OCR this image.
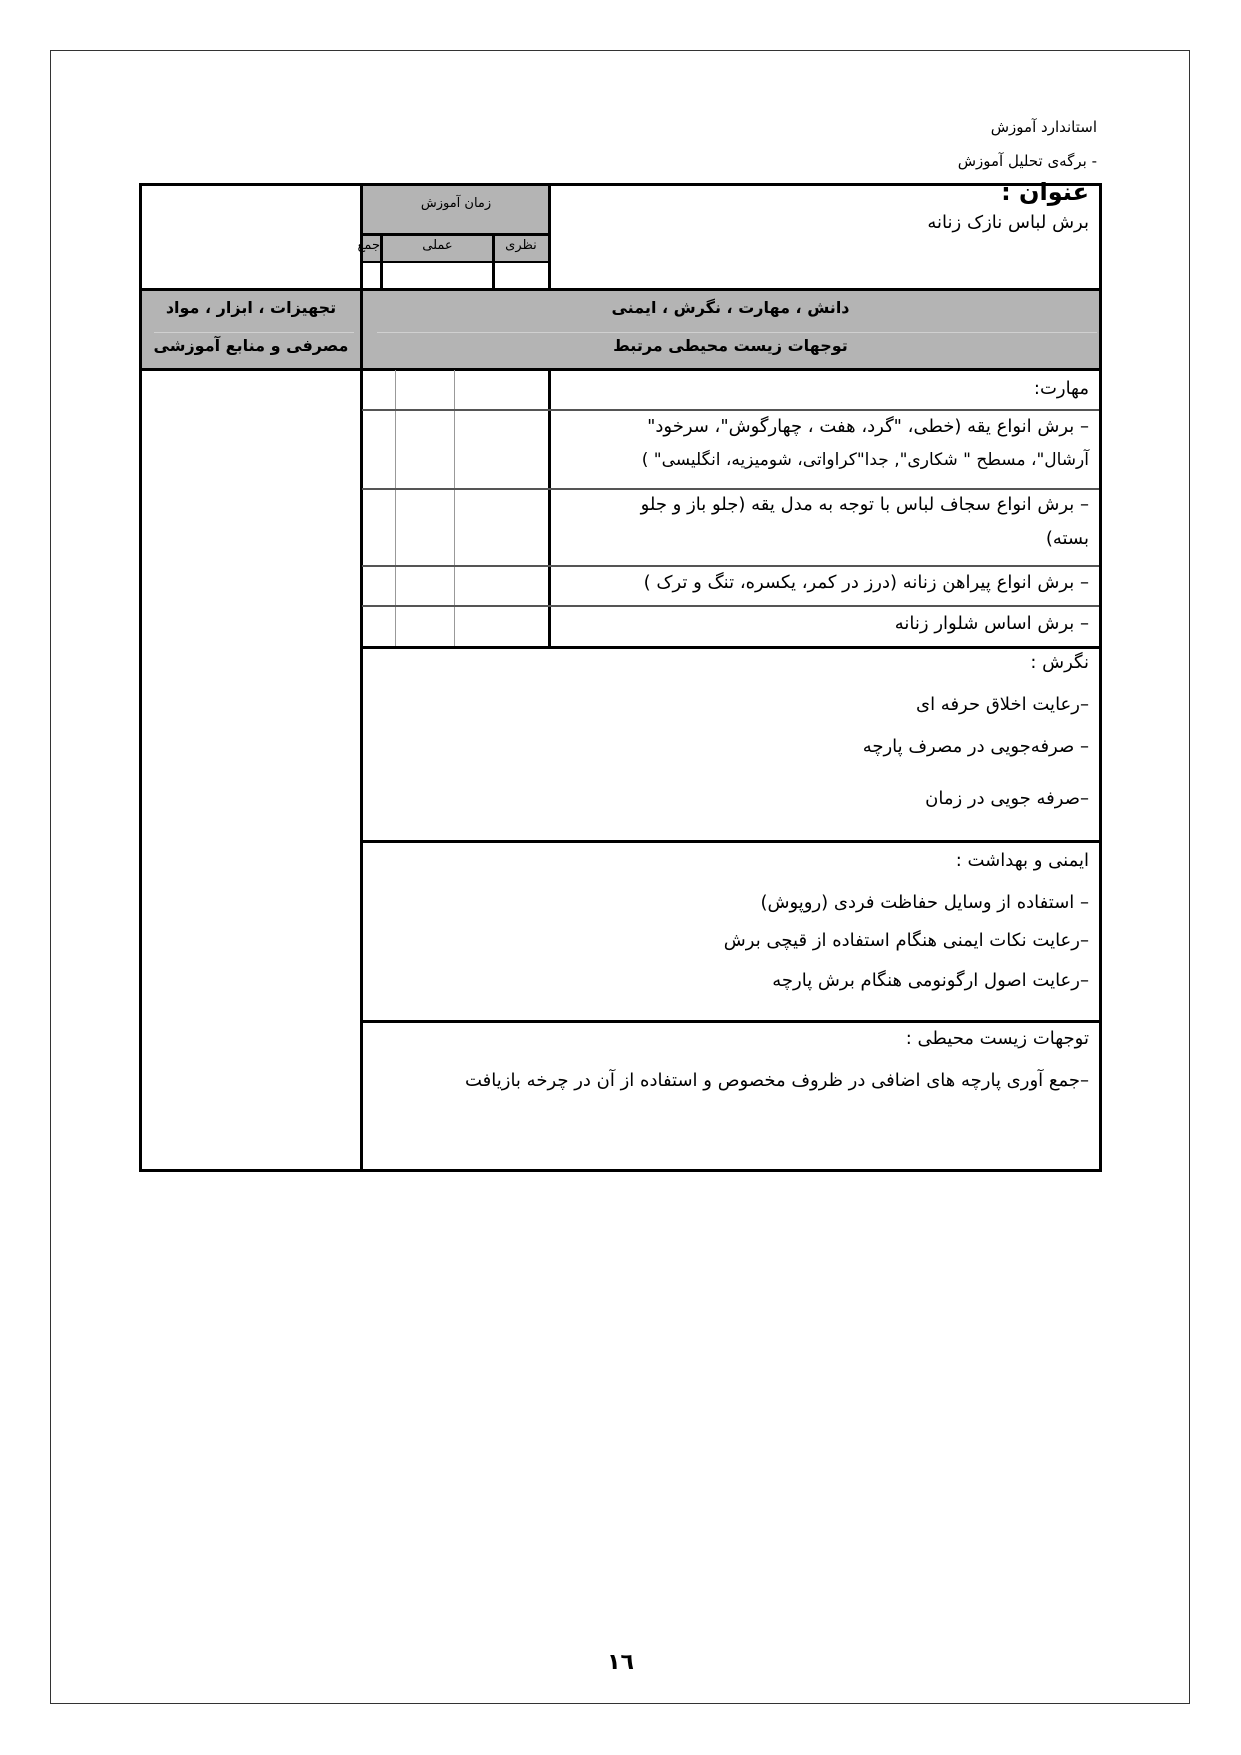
استاندارد آموزش
- برگه‌ی تحلیل آموزش
عنوان :
برش لباس نازک زنانه
زمان آموزش
نظری
عملی
جمع
تجهیزات ، ابزار ، مواد
مصرفی و منابع آموزشی
دانش ، مهارت ، نگرش ، ایمنی
توجهات زیست محیطی مرتبط
مهارت:
– برش انواع یقه (خطی، "گرد، هفت ، چهارگوش"، سرخود"
آرشال"، مسطح " شکاری", جدا"کراواتی، شومیزیه، انگلیسی" )
– برش انواع سجاف لباس با توجه به مدل یقه (جلو باز و جلو
بسته)
– برش انواع پیراهن زنانه (درز در کمر، یکسره، تنگ و ترک )
– برش اساس شلوار زنانه
نگرش :
–رعایت اخلاق حرفه ای
– صرفه‌جویی در مصرف پارچه
–صرفه جویی در زمان
ایمنی و بهداشت :
– استفاده از وسایل حفاظت فردی (روپوش)
–رعایت نکات ایمنی هنگام استفاده از قیچی برش
–رعایت اصول ارگونومی هنگام برش پارچه
توجهات زیست محیطی :
–جمع آوری پارچه های اضافی در ظروف مخصوص و استفاده از آن در چرخه بازیافت
١٦
